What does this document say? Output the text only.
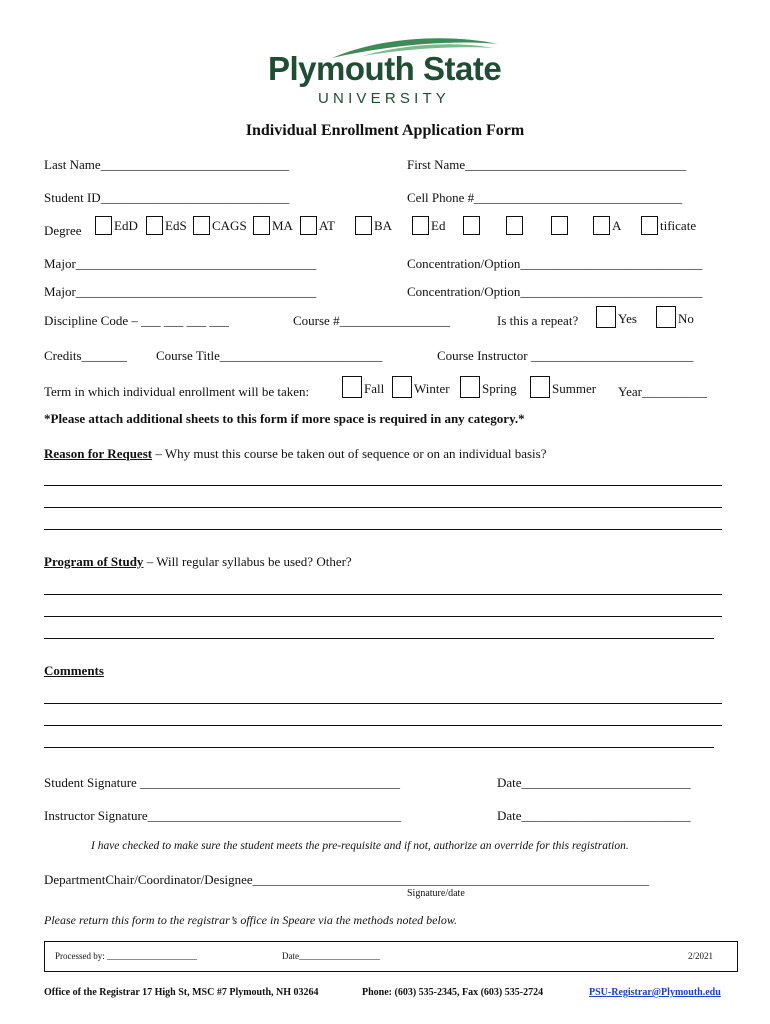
Plymouth State
UNIVERSITY
Individual Enrollment Application Form
Last Name_____________________________	First Name__________________________________
Student ID_____________________________	Cell Phone #________________________________
Degree	EdD	EdS	CAGS	MA	AT	BA	Ed	A	tificate
Major_____________________________________	Concentration/Option____________________________
Major_____________________________________	Concentration/Option____________________________
Discipline Code – ___ ___ ___ ___	Course #_________________	Is this a repeat?	Yes	No
Credits_______ Course Title_________________________	Course Instructor _________________________
Term in which individual enrollment will be taken:	Fall	Winter	Spring	Summer Year__________
*Please attach additional sheets to this form if more space is required in any category.*
Reason for Request – Why must this course be taken out of sequence or on an individual basis?
Program of Study – Will regular syllabus be used? Other?
Comments
Student Signature ________________________________________	Date__________________________
Instructor Signature_______________________________________	Date__________________________
I have checked to make sure the student meets the pre-requisite and if not, authorize an override for this registration.
DepartmentChair/Coordinator/Designee_____________________________________________________________
Signature/date
Please return this form to the registrar’s office in Speare via the methods noted below.
Processed by: ____________________	Date__________________	2/2021
Office of the Registrar 17 High St, MSC #7 Plymouth, NH 03264	Phone: (603) 535-2345, Fax (603) 535-2724	PSU-Registrar@Plymouth.edu
